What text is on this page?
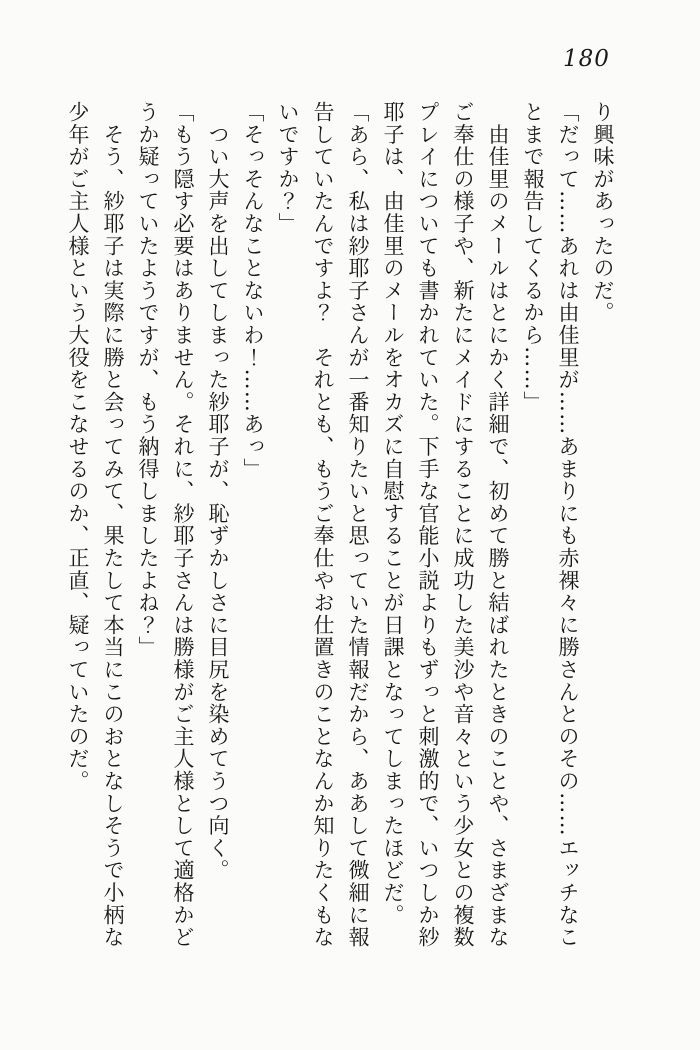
180
り興味があったのだ。
「だって……あれは由佳里が……あまりにも赤裸々に勝さんとのその……エッチなこ
とまで報告してくるから……」
　由佳里のメールはとにかく詳細で、初めて勝と結ばれたときのことや、さまざまな
ご奉仕の様子や、新たにメイドにすることに成功した美沙や音々という少女との複数
プレイについても書かれていた。下手な官能小説よりもずっと刺激的で、いつしか紗
耶子は、由佳里のメールをオカズに自慰することが日課となってしまったほどだ。
「あら、私は紗耶子さんが一番知りたいと思っていた情報だから、ああして微細に報
告していたんですよ？　それとも、もうご奉仕やお仕置きのことなんか知りたくもな
いですか？」
「そっそんなことないわ！……あっ」
　つい大声を出してしまった紗耶子が、恥ずかしさに目尻を染めてうつ向く。
「もう隠す必要はありません。それに、紗耶子さんは勝様がご主人様として適格かど
うか疑っていたようですが、もう納得しましたよね？」
　そう、紗耶子は実際に勝と会ってみて、果たして本当にこのおとなしそうで小柄な
少年がご主人様という大役をこなせるのか、正直、疑っていたのだ。
